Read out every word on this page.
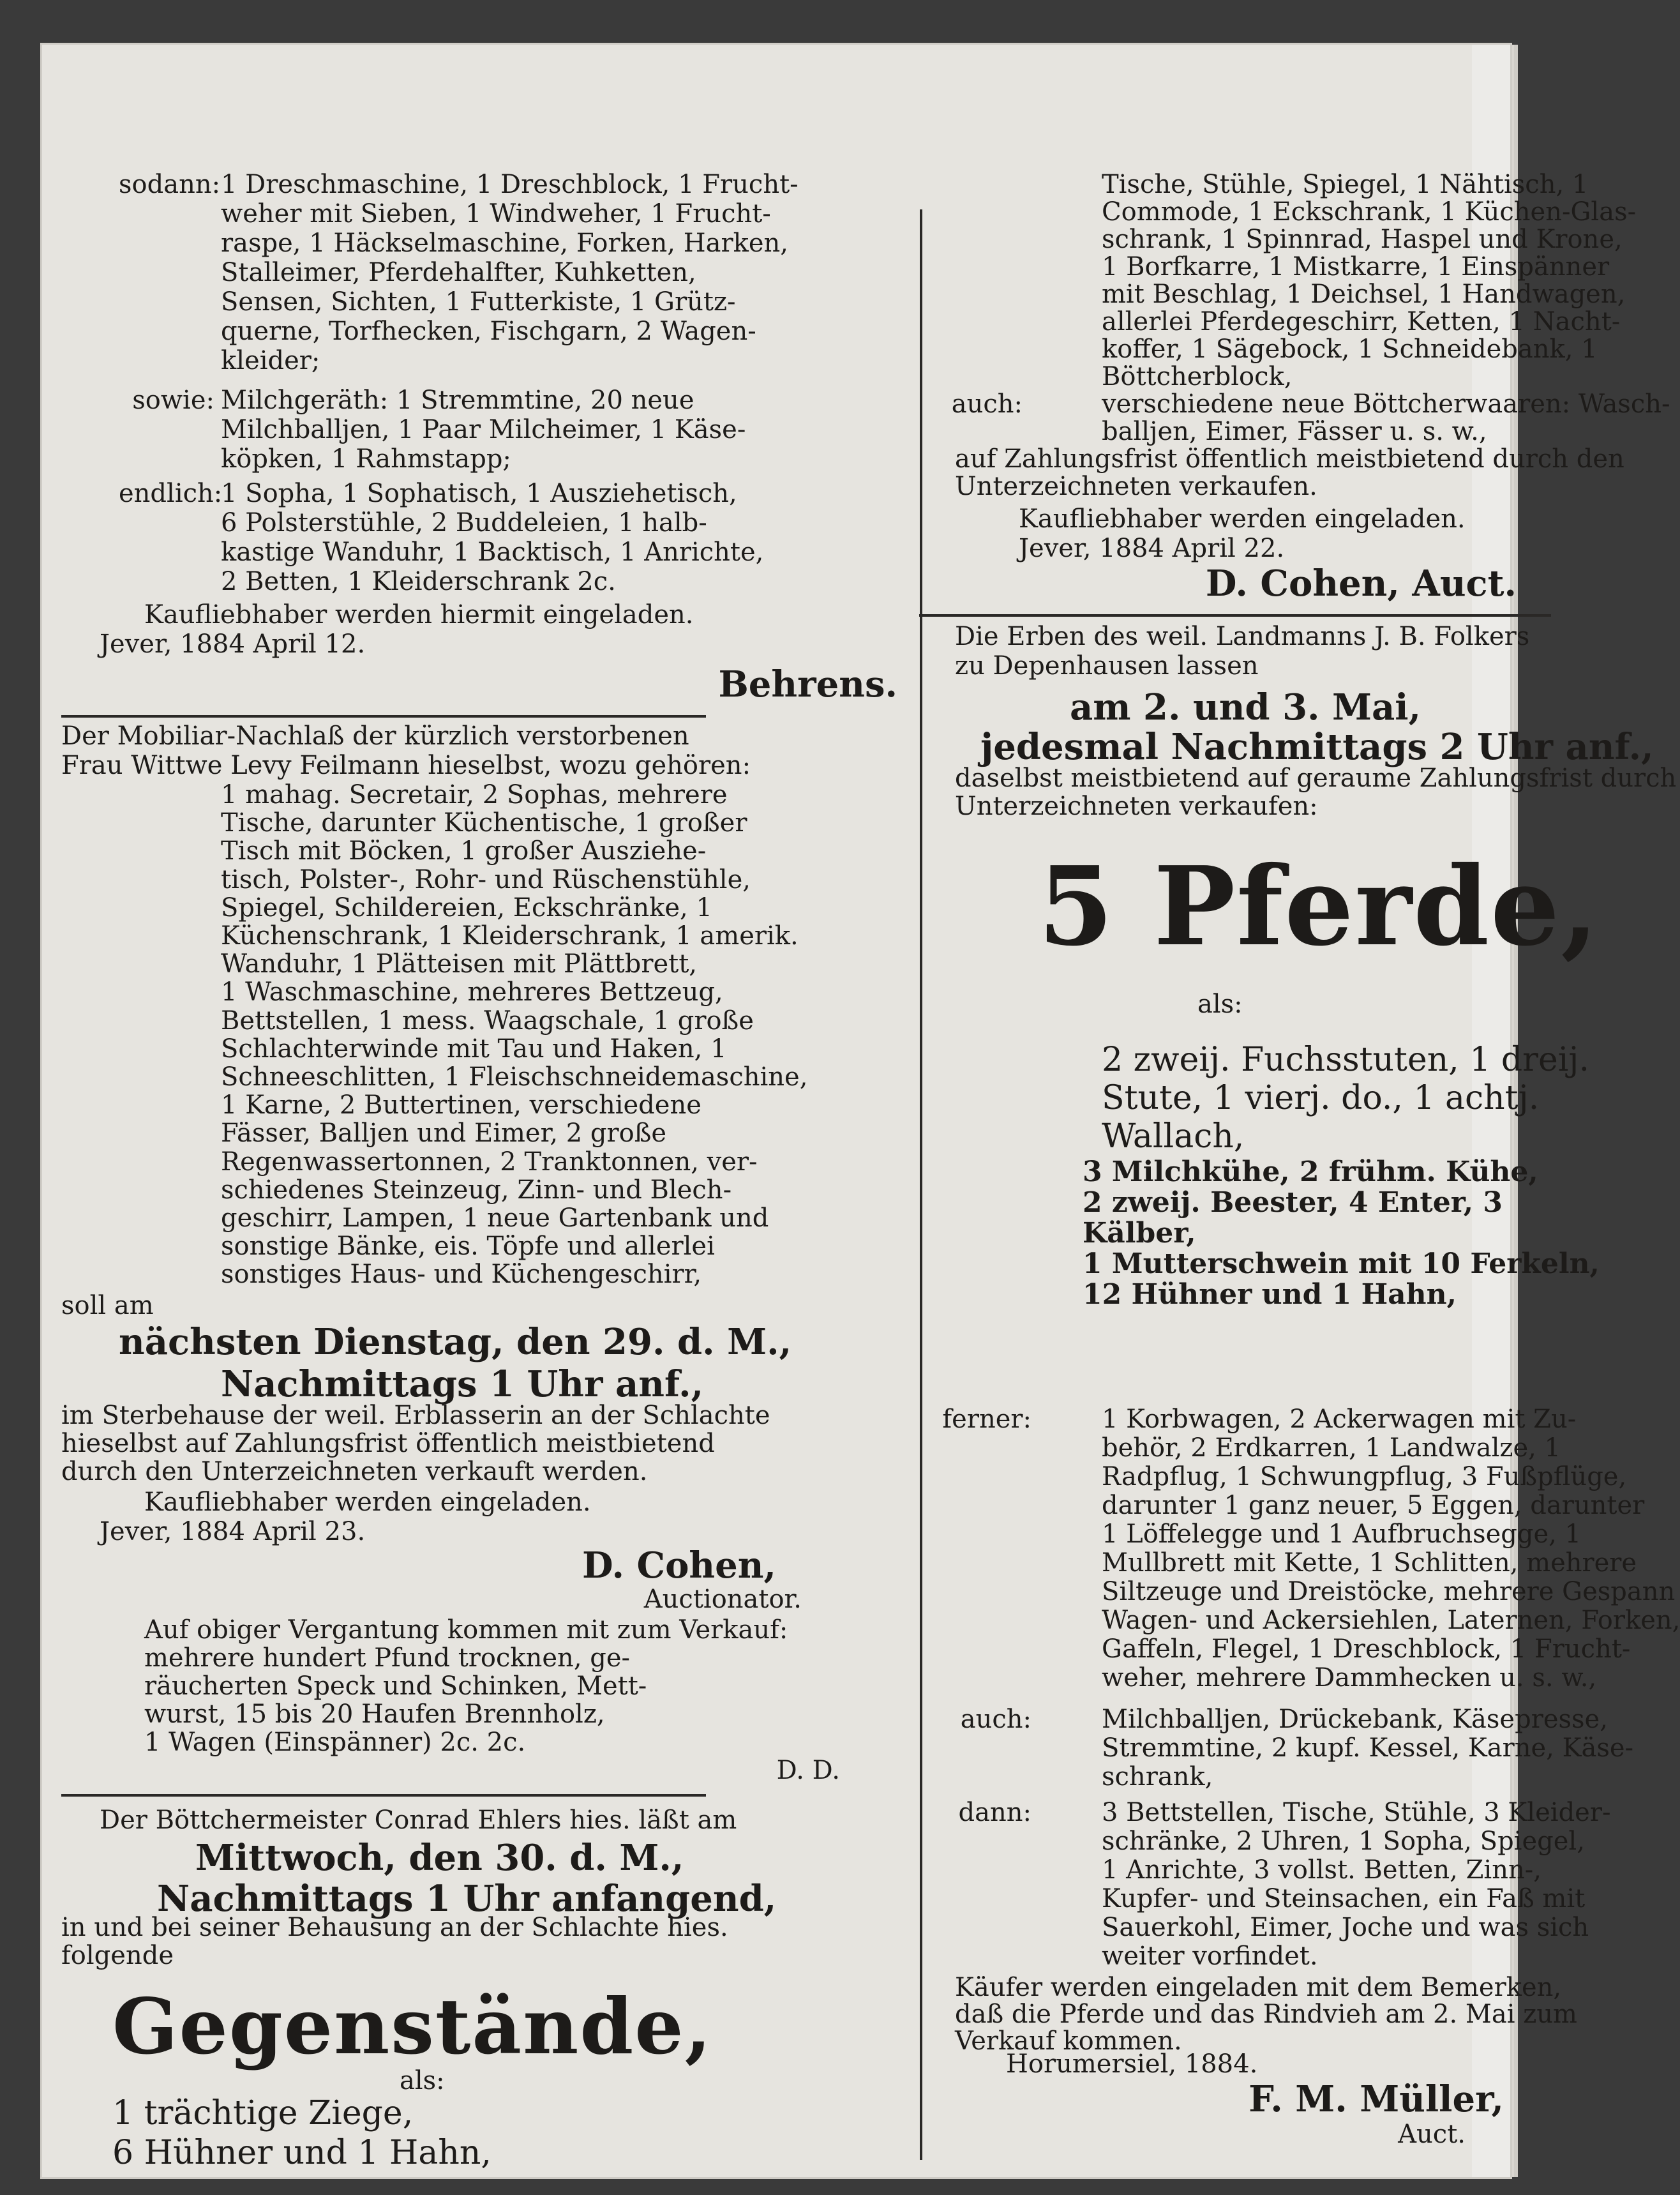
sodann: 1 Dreschmaschine, 1 Dreschblock, 1 Frucht-
weher mit Sieben, 1 Windweher, 1 Frucht-
raspe, 1 Häckselmaschine, Forken, Harken,
Stalleimer, Pferdehalfter, Kuhketten,
Sensen, Sichten, 1 Futterkiste, 1 Grütz-
querne, Torfhecken, Fischgarn, 2 Wagen-
kleider;
sowie: Milchgeräth: 1 Stremmtine, 20 neue
Milchballjen, 1 Paar Milcheimer, 1 Käse-
köpken, 1 Rahmstapp;
endlich:
1 Sopha, 1 Sophatisch, 1 Ausziehetisch,
6 Polsterstühle, 2 Buddeleien, 1 halb-
kastige Wanduhr, 1 Backtisch, 1 Anrichte,
2 Betten, 1 Kleiderschrank 2c.
Kaufliebhaber werden hiermit eingeladen.
Jever, 1884 April 12.
Behrens.
Der Mobiliar-Nachlaß der kürzlich verstorbenen
Frau Wittwe Levy Feilmann hieselbst, wozu gehören:
1 mahag. Secretair, 2 Sophas, mehrere
Tische, darunter Küchentische, 1 großer
Tisch mit Böcken, 1 großer Ausziehe-
tisch, Polster-, Rohr- und Rüschenstühle,
Spiegel, Schildereien, Eckschränke, 1
Küchenschrank, 1 Kleiderschrank, 1 amerik.
Wanduhr, 1 Plätteisen mit Plättbrett,
1 Waschmaschine, mehreres Bettzeug,
Bettstellen, 1 mess. Waagschale, 1 große
Schlachterwinde mit Tau und Haken, 1
Schneeschlitten, 1 Fleischschneidemaschine,
1 Karne, 2 Buttertinen, verschiedene
Fässer, Balljen und Eimer, 2 große
Regenwassertonnen, 2 Tranktonnen, ver-
schiedenes Steinzeug, Zinn- und Blech-
geschirr, Lampen, 1 neue Gartenbank und
sonstige Bänke, eis. Töpfe und allerlei
sonstiges Haus- und Küchengeschirr,
soll am
nächsten Dienstag, den 29. d. M.,
Nachmittags 1 Uhr anf.,
im Sterbehause der weil. Erblasserin an der Schlachte
hieselbst auf Zahlungsfrist öffentlich meistbietend
durch den Unterzeichneten verkauft werden.
Kaufliebhaber werden eingeladen.
Jever, 1884 April 23.
D. Cohen,
Auctionator.
Auf obiger Vergantung kommen mit zum Verkauf:
mehrere hundert Pfund trocknen, ge-
räucherten Speck und Schinken, Mett-
wurst, 15 bis 20 Haufen Brennholz,
1 Wagen (Einspänner) 2c. 2c.
D. D.
Der Böttchermeister Conrad Ehlers hies. läßt am
Mittwoch, den 30. d. M.,
Nachmittags 1 Uhr anfangend,
in und bei seiner Behausung an der Schlachte hies.
folgende
Gegenstände,
als:
1 trächtige Ziege,
6 Hühner und 1 Hahn,
Tische, Stühle, Spiegel, 1 Nähtisch, 1
Commode, 1 Eckschrank, 1 Küchen-Glas-
schrank, 1 Spinnrad, Haspel und Krone,
1 Borfkarre, 1 Mistkarre, 1 Einspänner
mit Beschlag, 1 Deichsel, 1 Handwagen,
allerlei Pferdegeschirr, Ketten, 1 Nacht-
koffer, 1 Sägebock, 1 Schneidebank, 1
Böttcherblock,
auch:	verschiedene neue Böttcherwaaren: Wasch-
balljen, Eimer, Fässer u. s. w.,
auf Zahlungsfrist öffentlich meistbietend durch den
Unterzeichneten verkaufen.
Kaufliebhaber werden eingeladen.
Jever, 1884 April 22.
D. Cohen, Auct.
Die Erben des weil. Landmanns J. B. Folkers
zu Depenhausen lassen
am 2. und 3. Mai,
jedesmal Nachmittags 2 Uhr anf.,
daselbst meistbietend auf geraume Zahlungsfrist durch
Unterzeichneten verkaufen:
5 Pferde,
als:
2 zweij. Fuchsstuten, 1 dreij.
Stute, 1 vierj. do., 1 achtj.
Wallach,
3 Milchkühe, 2 frühm. Kühe,
2 zweij. Beester, 4 Enter, 3
Kälber,
1 Mutterschwein mit 10 Ferkeln,
12 Hühner und 1 Hahn,
ferner:	1 Korbwagen, 2 Ackerwagen mit Zu-
behör, 2 Erdkarren, 1 Landwalze, 1
Radpflug, 1 Schwungpflug, 3 Fußpflüge,
darunter 1 ganz neuer, 5 Eggen, darunter
1 Löffelegge und 1 Aufbruchsegge, 1
Mullbrett mit Kette, 1 Schlitten, mehrere
Siltzeuge und Dreistöcke, mehrere Gespann
Wagen- und Ackersiehlen, Laternen, Forken,
Gaffeln, Flegel, 1 Dreschblock, 1 Frucht-
weher, mehrere Dammhecken u. s. w.,
auch:	Milchballjen, Drückebank, Käsepresse,
Stremmtine, 2 kupf. Kessel, Karne, Käse-
schrank,
dann:	3 Bettstellen, Tische, Stühle, 3 Kleider-
schränke, 2 Uhren, 1 Sopha, Spiegel,
1 Anrichte, 3 vollst. Betten, Zinn-,
Kupfer- und Steinsachen, ein Faß mit
Sauerkohl, Eimer, Joche und was sich
weiter vorfindet.
Käufer werden eingeladen mit dem Bemerken,
daß die Pferde und das Rindvieh am 2. Mai zum
Verkauf kommen.
Horumersiel, 1884.
F. M. Müller,
Auct.
